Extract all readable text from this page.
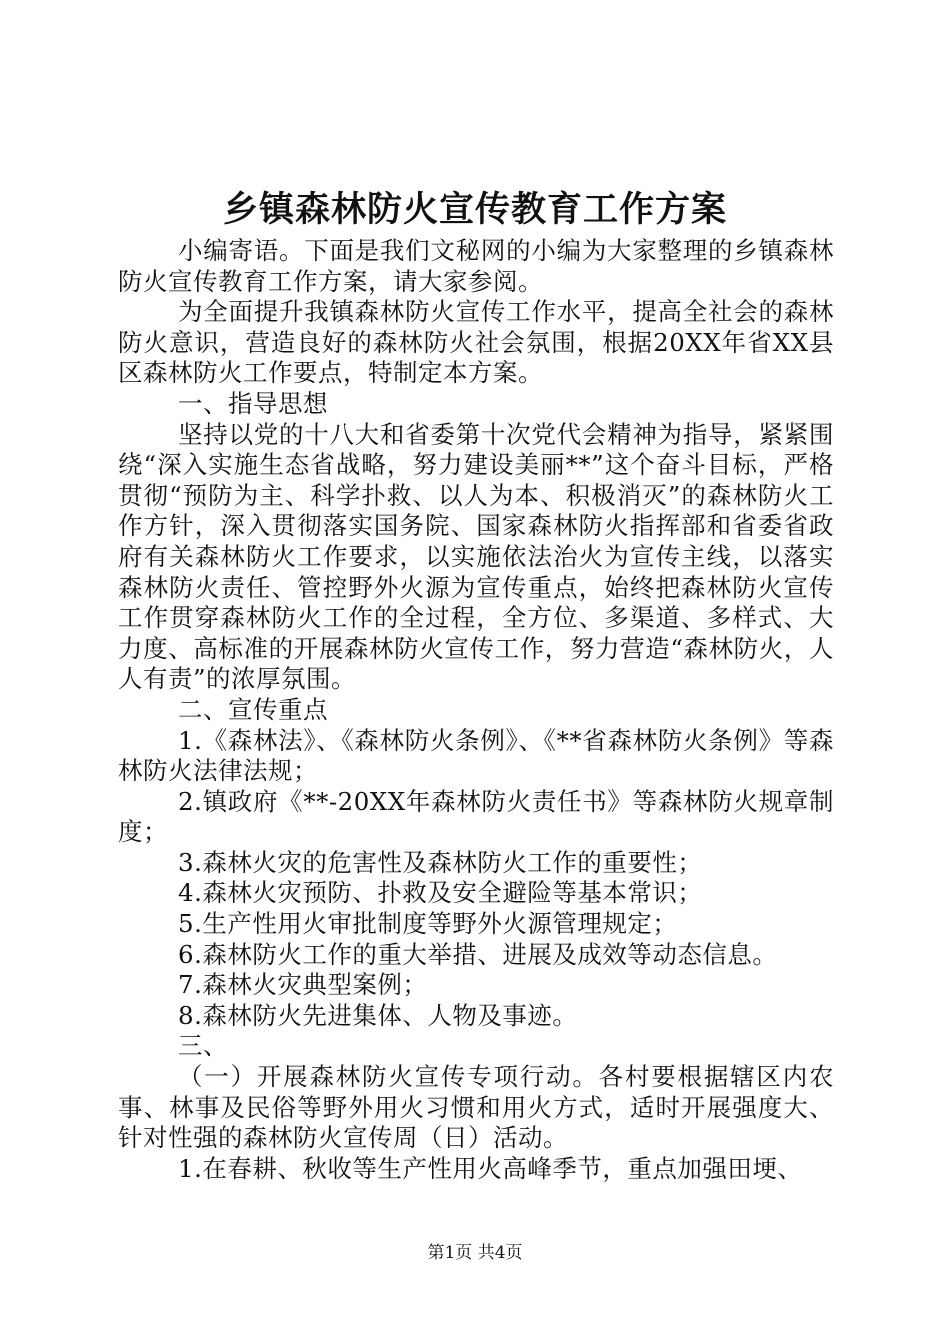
乡镇森林防火宣传教育工作方案

小编寄语。下面是我们文秘网的小编为大家整理的乡镇森林防火宣传教育工作方案，请大家参阅。

为全面提升我镇森林防火宣传工作水平，提高全社会的森林防火意识，营造良好的森林防火社会氛围，根据20XX年省XX县区森林防火工作要点，特制定本方案。

一、指导思想

坚持以党的十八大和省委第十次党代会精神为指导，紧紧围绕“深入实施生态省战略，努力建设美丽**”这个奋斗目标，严格贯彻“预防为主、科学扑救、以人为本、积极消灭”的森林防火工作方针，深入贯彻落实国务院、国家森林防火指挥部和省委省政府有关森林防火工作要求，以实施依法治火为宣传主线，以落实森林防火责任、管控野外火源为宣传重点，始终把森林防火宣传工作贯穿森林防火工作的全过程，全方位、多渠道、多样式、大力度、高标准的开展森林防火宣传工作，努力营造“森林防火，人人有责”的浓厚氛围。

二、宣传重点

1.《森林法》、《森林防火条例》、《**省森林防火条例》等森林防火法律法规；

2.镇政府《**-20XX年森林防火责任书》等森林防火规章制度；

3.森林火灾的危害性及森林防火工作的重要性；

4.森林火灾预防、扑救及安全避险等基本常识；

5.生产性用火审批制度等野外火源管理规定；

6.森林防火工作的重大举措、进展及成效等动态信息。

7.森林火灾典型案例；

8.森林防火先进集体、人物及事迹。

三、

（一）开展森林防火宣传专项行动。各村要根据辖区内农事、林事及民俗等野外用火习惯和用火方式，适时开展强度大、针对性强的森林防火宣传周（日）活动。

1.在春耕、秋收等生产性用火高峰季节，重点加强田埂、

第1页 共4页
